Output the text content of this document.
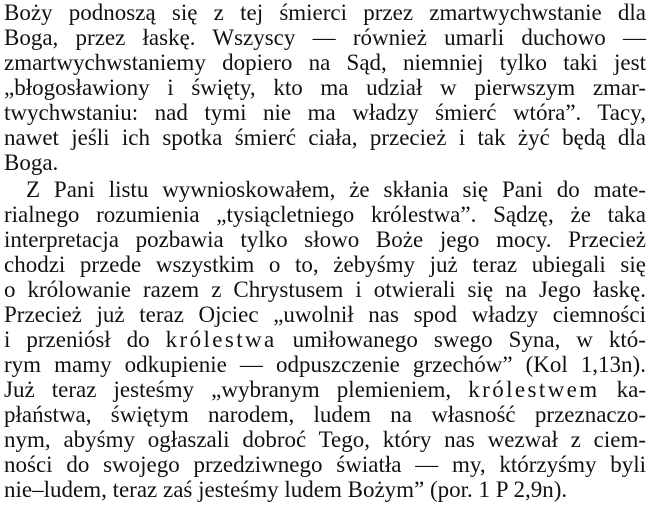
Boży podnoszą się z tej śmierci przez zmartwychwstanie dla
Boga, przez łaskę. Wszyscy — również umarli duchowo —
zmartwychwstaniemy dopiero na Sąd, niemniej tylko taki jest
„błogosławiony i święty, kto ma udział w pierwszym zmar-
twychwstaniu: nad tymi nie ma władzy śmierć wtóra”. Tacy,
nawet jeśli ich spotka śmierć ciała, przecież i tak żyć będą dla
Boga.
Z Pani listu wywnioskowałem, że skłania się Pani do mate-
rialnego rozumienia „tysiącletniego królestwa”. Sądzę, że taka
interpretacja pozbawia tylko słowo Boże jego mocy. Przecież
chodzi przede wszystkim o to, żebyśmy już teraz ubiegali się
o królowanie razem z Chrystusem i otwierali się na Jego łaskę.
Przecież już teraz Ojciec „uwolnił nas spod władzy ciemności
i przeniósł do królestwa umiłowanego swego Syna, w któ-
rym mamy odkupienie — odpuszczenie grzechów” (Kol 1,13n).
Już teraz jesteśmy „wybranym plemieniem, królestwem ka-
płaństwa, świętym narodem, ludem na własność przeznaczo-
nym, abyśmy ogłaszali dobroć Tego, który nas wezwał z ciem-
ności do swojego przedziwnego światła — my, którzyśmy byli
nie–ludem, teraz zaś jesteśmy ludem Bożym” (por. 1 P 2,9n).
